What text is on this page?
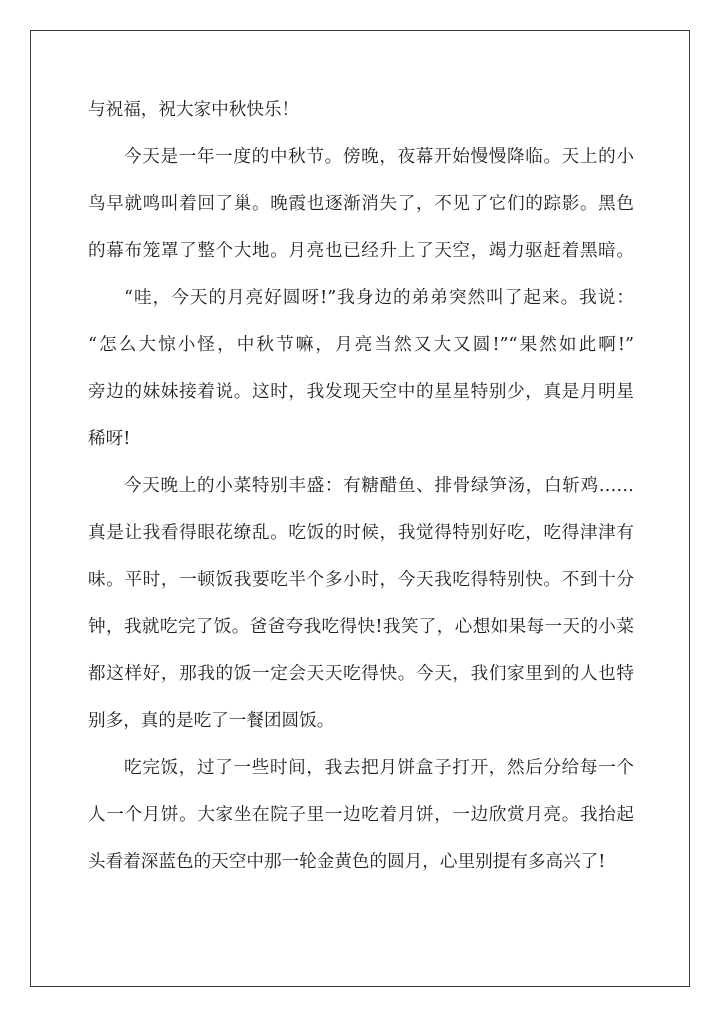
与祝福，祝大家中秋快乐！
今天是一年一度的中秋节。傍晚，夜幕开始慢慢降临。天上的小
鸟早就鸣叫着回了巢。晚霞也逐渐消失了，不见了它们的踪影。黑色
的幕布笼罩了整个大地。月亮也已经升上了天空，竭力驱赶着黑暗。
“哇，今天的月亮好圆呀!”我身边的弟弟突然叫了起来。我说：
“怎么大惊小怪，中秋节嘛，月亮当然又大又圆!”“果然如此啊!”
旁边的妹妹接着说。这时，我发现天空中的星星特别少，真是月明星
稀呀!
今天晚上的小菜特别丰盛：有糖醋鱼、排骨绿笋汤，白斩鸡……
真是让我看得眼花缭乱。吃饭的时候，我觉得特别好吃，吃得津津有
味。平时，一顿饭我要吃半个多小时，今天我吃得特别快。不到十分
钟，我就吃完了饭。爸爸夸我吃得快!我笑了，心想如果每一天的小菜
都这样好，那我的饭一定会天天吃得快。今天，我们家里到的人也特
别多，真的是吃了一餐团圆饭。
吃完饭，过了一些时间，我去把月饼盒子打开，然后分给每一个
人一个月饼。大家坐在院子里一边吃着月饼，一边欣赏月亮。我抬起
头看着深蓝色的天空中那一轮金黄色的圆月，心里别提有多高兴了!
